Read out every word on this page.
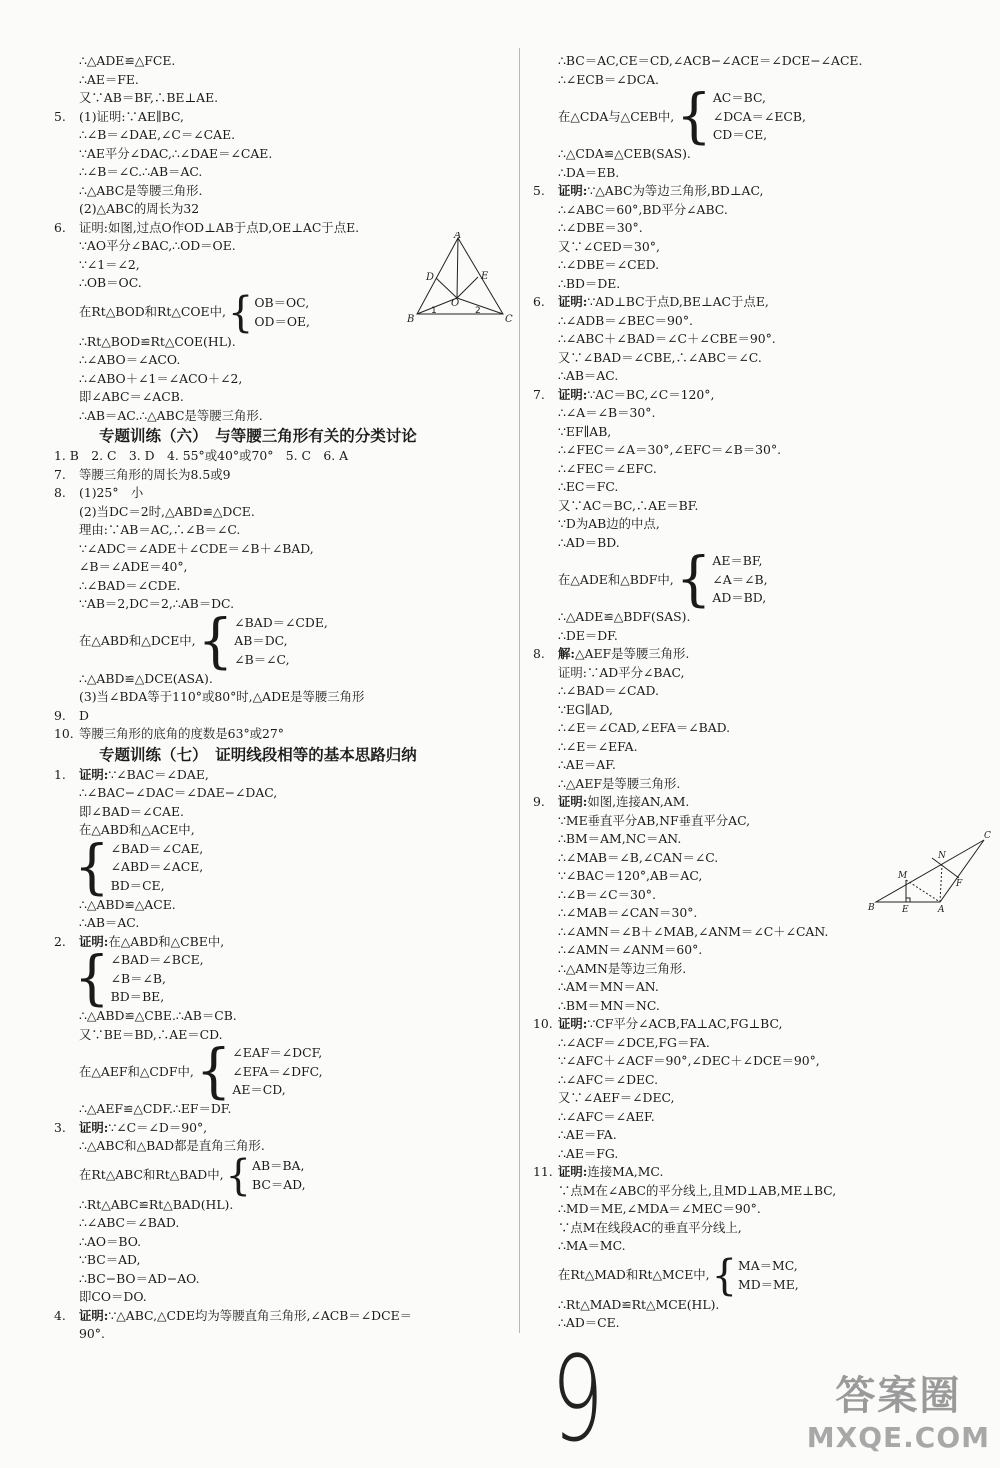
∴△ADE≌△FCE.
∴AE＝FE.
又∵AB＝BF,∴BE⊥AE.
5. (1)证明:∵AE∥BC,
∴∠B＝∠DAE,∠C＝∠CAE.
∵AE平分∠DAC,∴∠DAE＝∠CAE.
∴∠B＝∠C.∴AB＝AC.
∴△ABC是等腰三角形.
(2)△ABC的周长为32
6. 证明:如图,过点O作OD⊥AB于点D,OE⊥AC于点E.
∵AO平分∠BAC,∴OD＝OE.
∵∠1＝∠2,
∴OB＝OC.
在Rt△BOD和Rt△COE中, { OB＝OC,
OD＝OE,
∴Rt△BOD≌Rt△COE(HL).
∴∠ABO＝∠ACO.
∴∠ABO＋∠1＝∠ACO＋∠2,
即∠ABC＝∠ACB.
∴AB＝AC.∴△ABC是等腰三角形.
专题训练（六）　与等腰三角形有关的分类讨论
1. B　2. C　3. D　4. 55°或40°或70°　5. C　6. A
7. 等腰三角形的周长为8.5或9
8. (1)25°　小
(2)当DC＝2时,△ABD≌△DCE.
理由:∵AB＝AC,∴∠B＝∠C.
∵∠ADC＝∠ADE＋∠CDE＝∠B＋∠BAD,
∠B＝∠ADE＝40°,
∴∠BAD＝∠CDE.
∵AB＝2,DC＝2,∴AB＝DC.
在△ABD和△DCE中, { ∠BAD＝∠CDE,
AB＝DC,
∠B＝∠C,
∴△ABD≌△DCE(ASA).
(3)当∠BDA等于110°或80°时,△ADE是等腰三角形
9. D
10. 等腰三角形的底角的度数是63°或27°
专题训练（七）　证明线段相等的基本思路归纳
1. 证明:∵∠BAC＝∠DAE,
∴∠BAC−∠DAC＝∠DAE−∠DAC,
即∠BAD＝∠CAE.
在△ABD和△ACE中,
{ ∠BAD＝∠CAE,
∠ABD＝∠ACE,
BD＝CE,
∴△ABD≌△ACE.
∴AB＝AC.
2. 证明:在△ABD和△CBE中,
{ ∠BAD＝∠BCE,
∠B＝∠B,
BD＝BE,
∴△ABD≌△CBE.∴AB＝CB.
又∵BE＝BD,∴AE＝CD.
在△AEF和△CDF中, { ∠EAF＝∠DCF,
∠EFA＝∠DFC,
AE＝CD,
∴△AEF≌△CDF.∴EF＝DF.
3. 证明:∵∠C＝∠D＝90°,
∴△ABC和△BAD都是直角三角形.
在Rt△ABC和Rt△BAD中, { AB＝BA,
BC＝AD,
∴Rt△ABC≌Rt△BAD(HL).
∴∠ABC＝∠BAD.
∴AO＝BO.
∵BC＝AD,
∴BC−BO＝AD−AO.
即CO＝DO.
4. 证明:∵△ABC,△CDE均为等腰直角三角形,∠ACB＝∠DCE＝
90°.
A
B	C
D	E
O
1	2
∴BC＝AC,CE＝CD,∠ACB−∠ACE＝∠DCE−∠ACE.
∴∠ECB＝∠DCA.
在△CDA与△CEB中, { AC＝BC,
∠DCA＝∠ECB,
CD＝CE,
∴△CDA≌△CEB(SAS).
∴DA＝EB.
5. 证明:∵△ABC为等边三角形,BD⊥AC,
∴∠ABC＝60°,BD平分∠ABC.
∴∠DBE＝30°.
又∵∠CED＝30°,
∴∠DBE＝∠CED.
∴BD＝DE.
6. 证明:∵AD⊥BC于点D,BE⊥AC于点E,
∴∠ADB＝∠BEC＝90°.
∴∠ABC＋∠BAD＝∠C＋∠CBE＝90°.
又∵∠BAD＝∠CBE,∴∠ABC＝∠C.
∴AB＝AC.
7. 证明:∵AC＝BC,∠C＝120°,
∴∠A＝∠B＝30°.
∵EF∥AB,
∴∠FEC＝∠A＝30°,∠EFC＝∠B＝30°.
∴∠FEC＝∠EFC.
∴EC＝FC.
又∵AC＝BC,∴AE＝BF.
∵D为AB边的中点,
∴AD＝BD.
在△ADE和△BDF中, { AE＝BF,
∠A＝∠B,
AD＝BD,
∴△ADE≌△BDF(SAS).
∴DE＝DF.
8. 解:△AEF是等腰三角形.
证明:∵AD平分∠BAC,
∴∠BAD＝∠CAD.
∵EG∥AD,
∴∠E＝∠CAD,∠EFA＝∠BAD.
∴∠E＝∠EFA.
∴AE＝AF.
∴△AEF是等腰三角形.
9. 证明:如图,连接AN,AM.
∵ME垂直平分AB,NF垂直平分AC,
∴BM＝AM,NC＝AN.
∴∠MAB＝∠B,∠CAN＝∠C.
∵∠BAC＝120°,AB＝AC,
∴∠B＝∠C＝30°.
∴∠MAB＝∠CAN＝30°.
∴∠AMN＝∠B＋∠MAB,∠ANM＝∠C＋∠CAN.
∴∠AMN＝∠ANM＝60°.
∴△AMN是等边三角形.
∴AM＝MN＝AN.
∴BM＝MN＝NC.
10. 证明:∵CF平分∠ACB,FA⊥AC,FG⊥BC,
∴∠ACF＝∠DCE,FG＝FA.
∵∠AFC＋∠ACF＝90°,∠DEC＋∠DCE＝90°,
∴∠AFC＝∠DEC.
又∵∠AEF＝∠DEC,
∴∠AFC＝∠AEF.
∴AE＝FA.
∴AE＝FG.
11. 证明:连接MA,MC.
∵点M在∠ABC的平分线上,且MD⊥AB,ME⊥BC,
∴MD＝ME,∠MDA＝∠MEC＝90°.
∵点M在线段AC的垂直平分线上,
∴MA＝MC.
在Rt△MAD和Rt△MCE中, { MA＝MC,
MD＝ME,
∴Rt△MAD≌Rt△MCE(HL).
∴AD＝CE.
B	A
C
E
F
M
N
9	答案圈
MXQE.COM
